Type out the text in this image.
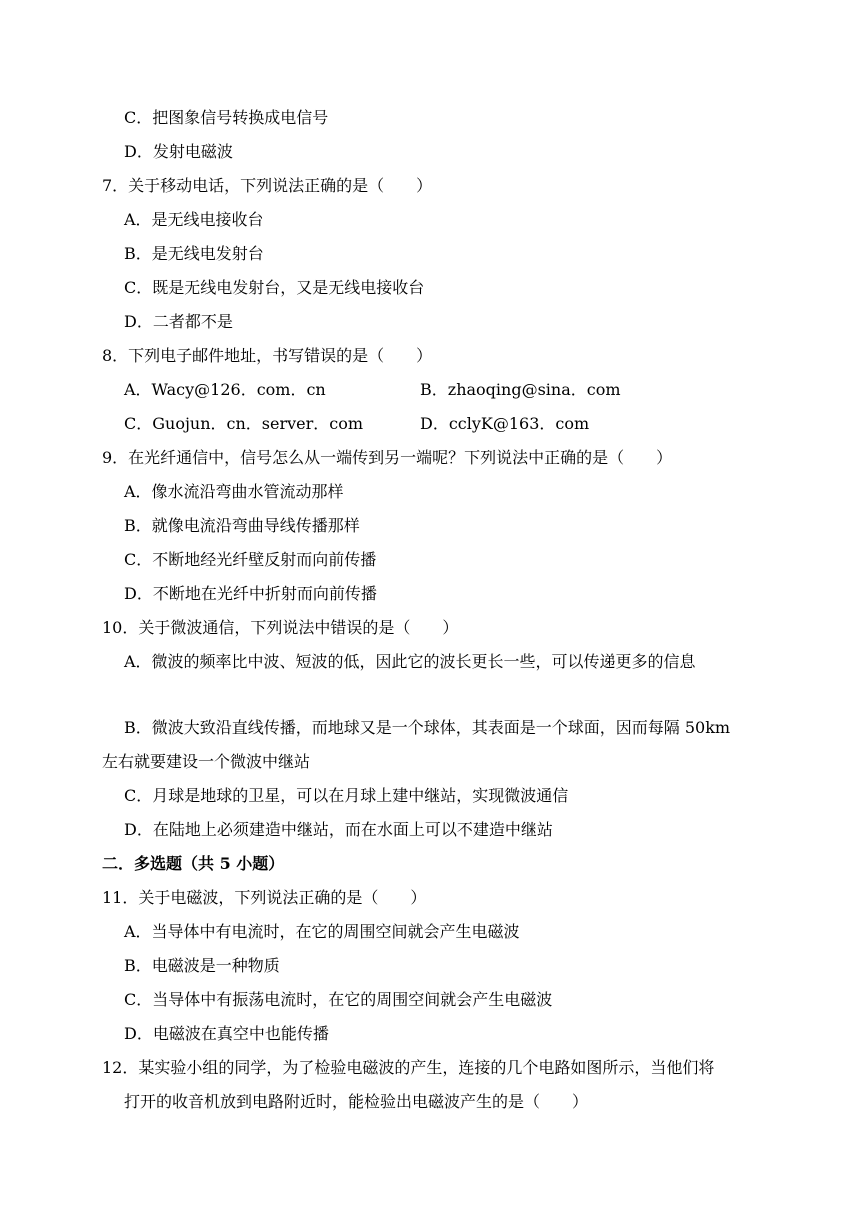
C．把图象信号转换成电信号
D．发射电磁波
7．关于移动电话，下列说法正确的是（　　）
A．是无线电接收台
B．是无线电发射台
C．既是无线电发射台，又是无线电接收台
D．二者都不是
8．下列电子邮件地址，书写错误的是（　　）
A．Wacy@126．com．cn	B．zhaoqing@sina．com
C．Guojun．cn．server．com	D．cclyK@163．com
9．在光纤通信中，信号怎么从一端传到另一端呢？下列说法中正确的是（　　）
A．像水流沿弯曲水管流动那样
B．就像电流沿弯曲导线传播那样
C．不断地经光纤壁反射而向前传播
D．不断地在光纤中折射而向前传播
10．关于微波通信，下列说法中错误的是（　　）
A．微波的频率比中波、短波的低，因此它的波长更长一些，可以传递更多的信息
B．微波大致沿直线传播，而地球又是一个球体，其表面是一个球面，因而每隔 50km
左右就要建设一个微波中继站
C．月球是地球的卫星，可以在月球上建中继站，实现微波通信
D．在陆地上必须建造中继站，而在水面上可以不建造中继站
二．多选题（共 5 小题）
11．关于电磁波，下列说法正确的是（　　）
A．当导体中有电流时，在它的周围空间就会产生电磁波
B．电磁波是一种物质
C．当导体中有振荡电流时，在它的周围空间就会产生电磁波
D．电磁波在真空中也能传播
12．某实验小组的同学，为了检验电磁波的产生，连接的几个电路如图所示，当他们将
打开的收音机放到电路附近时，能检验出电磁波产生的是（　　）
